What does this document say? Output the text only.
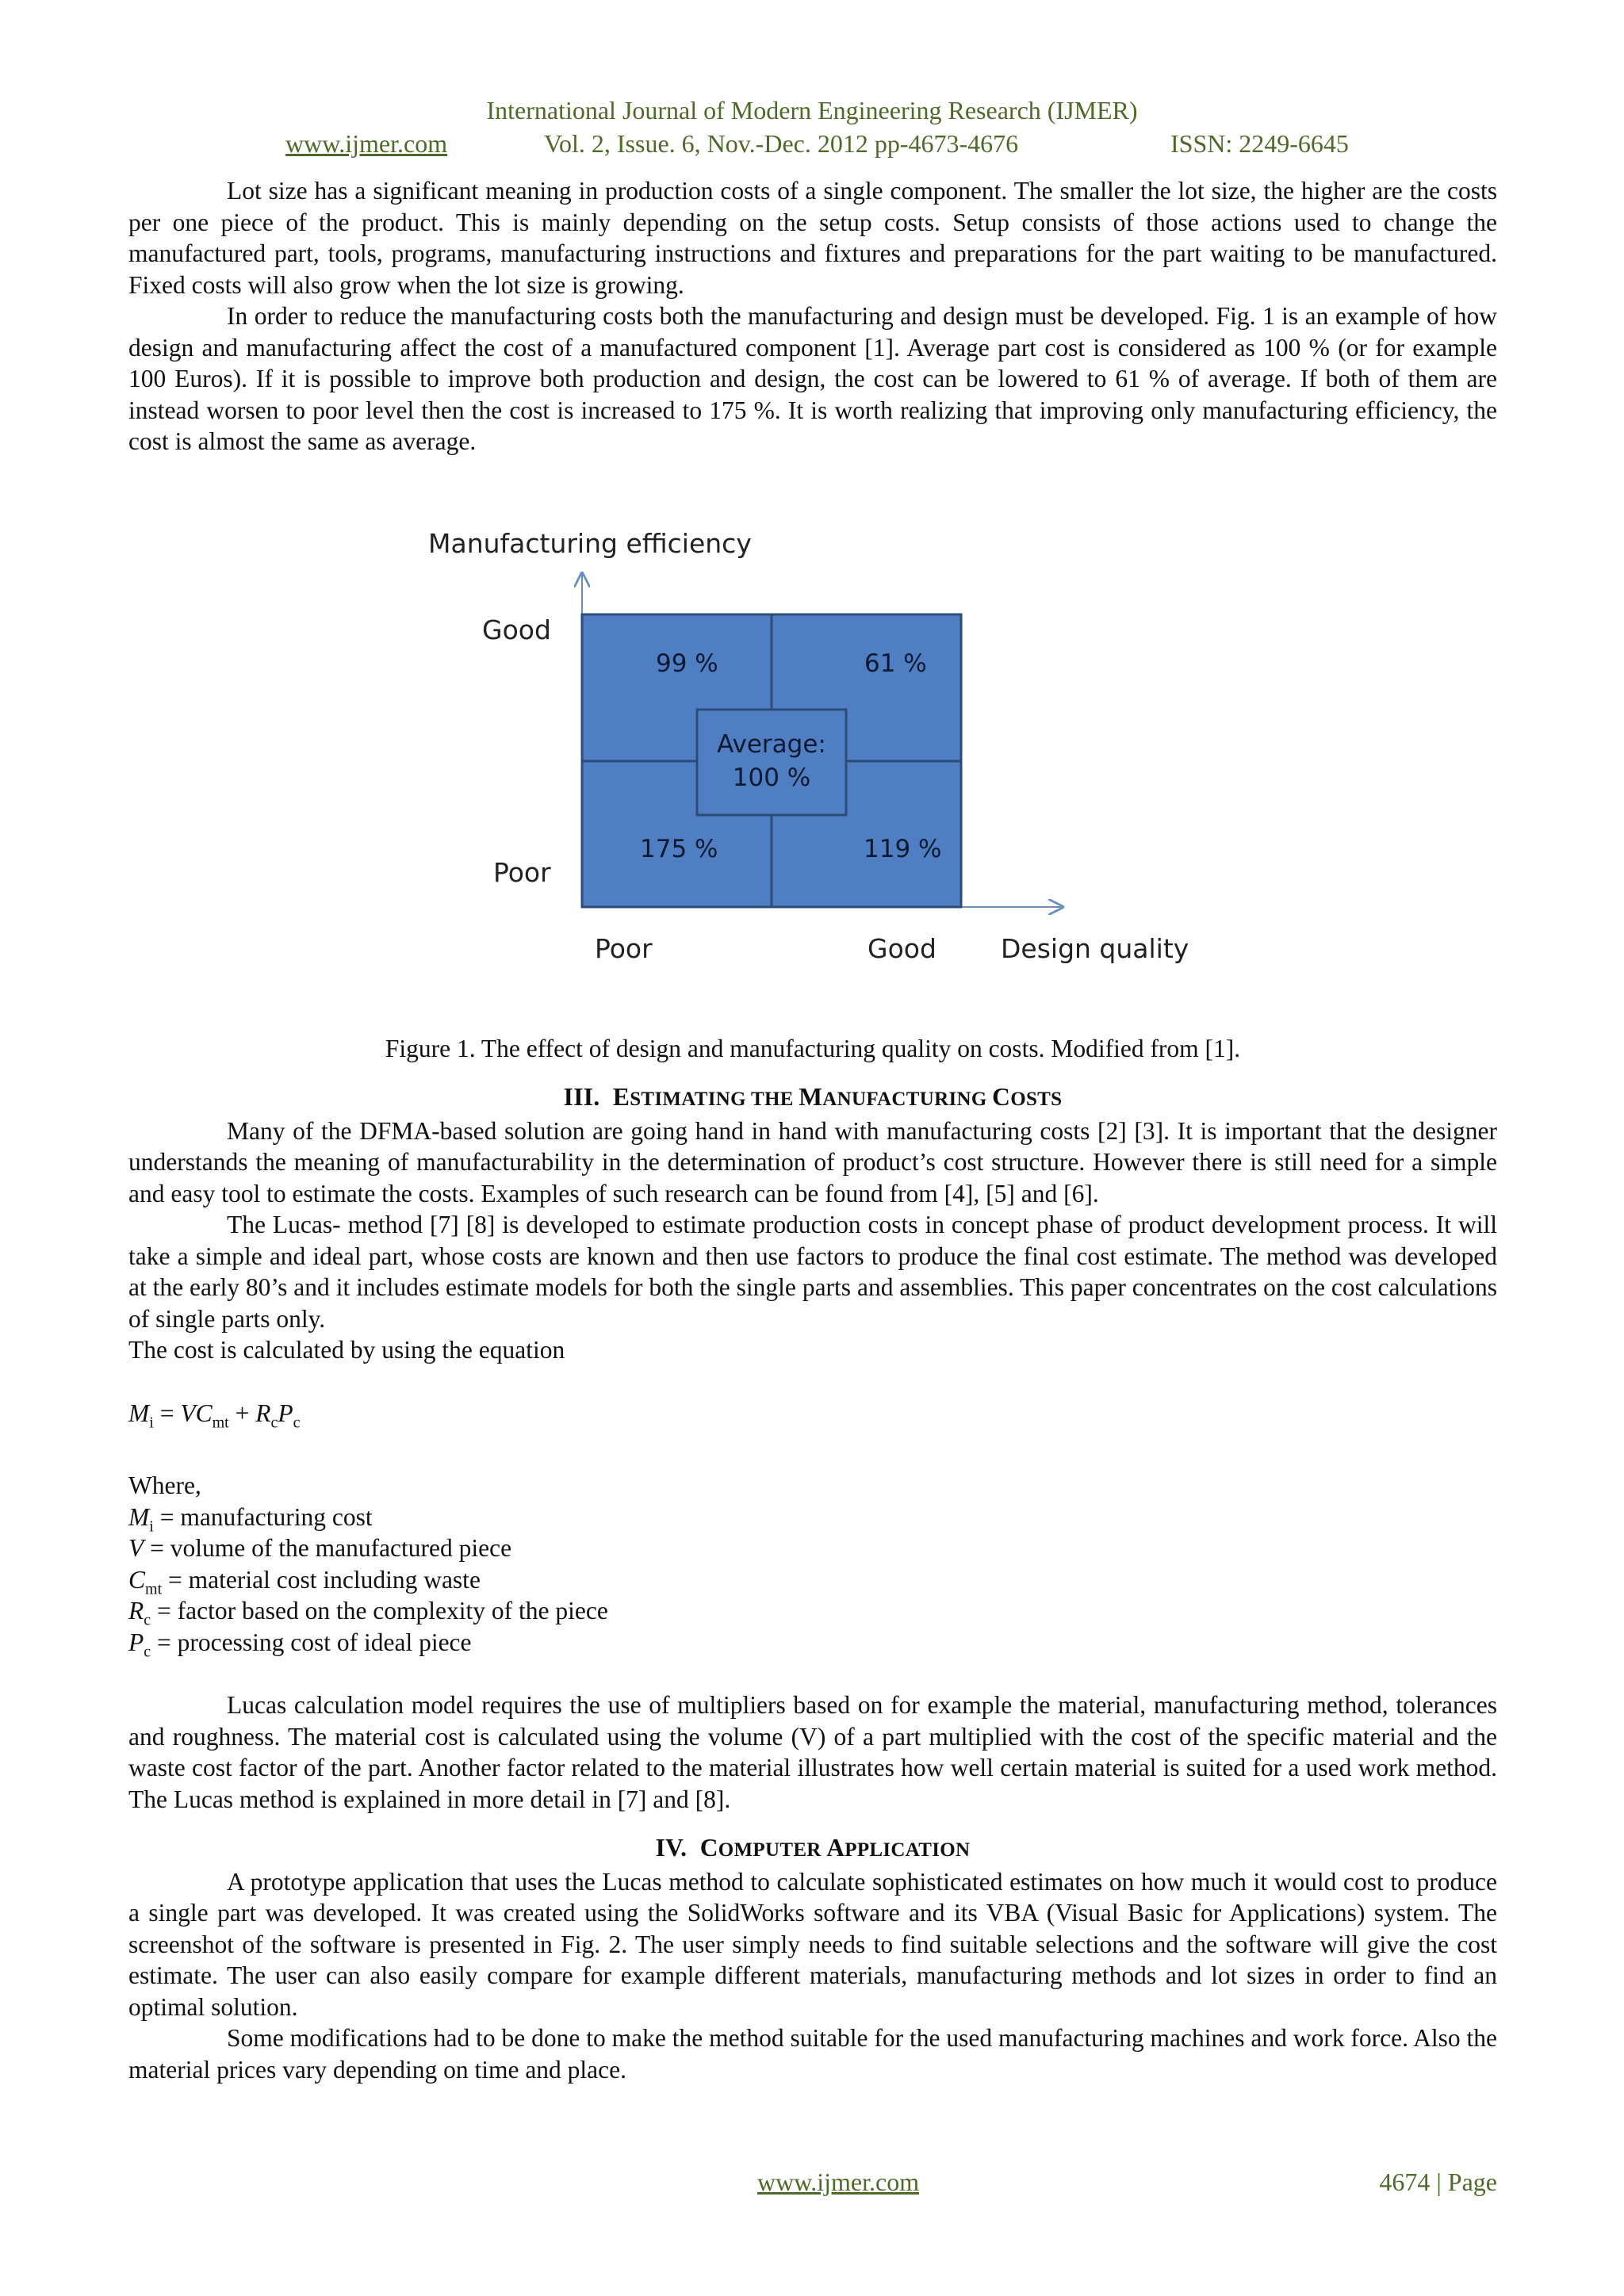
International Journal of Modern Engineering Research (IJMER)
www.ijmer.com	Vol. 2, Issue. 6, Nov.-Dec. 2012 pp-4673-4676	ISSN: 2249-6645

Lot size has a significant meaning in production costs of a single component. The smaller the lot size, the higher are the costs per one piece of the product. This is mainly depending on the setup costs. Setup consists of those actions used to change the manufactured part, tools, programs, manufacturing instructions and fixtures and preparations for the part waiting to be manufactured. Fixed costs will also grow when the lot size is growing.

In order to reduce the manufacturing costs both the manufacturing and design must be developed. Fig. 1 is an example of how design and manufacturing affect the cost of a manufactured component [1]. Average part cost is considered as 100 % (or for example 100 Euros). If it is possible to improve both production and design, the cost can be lowered to 61 % of average. If both of them are instead worsen to poor level then the cost is increased to 175 %. It is worth realizing that improving only manufacturing efficiency, the cost is almost the same as average.

Manufacturing efficiency
99 %	61 %
175 %	119 %
Average:
100 %
Good
Poor
Poor	Good Design quality
Figure 1. The effect of design and manufacturing quality on costs. Modified from [1].
III. ESTIMATING THE MANUFACTURING COSTS

Many of the DFMA-based solution are going hand in hand with manufacturing costs [2] [3]. It is important that the designer understands the meaning of manufacturability in the determination of product’s cost structure. However there is still need for a simple and easy tool to estimate the costs. Examples of such research can be found from [4], [5] and [6].

The Lucas- method [7] [8] is developed to estimate production costs in concept phase of product development process. It will take a simple and ideal part, whose costs are known and then use factors to produce the final cost estimate. The method was developed at the early 80’s and it includes estimate models for both the single parts and assemblies. This paper concentrates on the cost calculations of single parts only.

The cost is calculated by using the equation

$M_i = VC_{mt} + R_cP_c$
Where,
$M_i$ = manufacturing cost
V = volume of the manufactured piece
$C_{mt}$ = material cost including waste
$R_c$ = factor based on the complexity of the piece
$P_c$ = processing cost of ideal piece

Lucas calculation model requires the use of multipliers based on for example the material, manufacturing method, tolerances and roughness. The material cost is calculated using the volume (V) of a part multiplied with the cost of the specific material and the waste cost factor of the part. Another factor related to the material illustrates how well certain material is suited for a used work method. The Lucas method is explained in more detail in [7] and [8].

IV. COMPUTER APPLICATION

A prototype application that uses the Lucas method to calculate sophisticated estimates on how much it would cost to produce a single part was developed. It was created using the SolidWorks software and its VBA (Visual Basic for Applications) system. The screenshot of the software is presented in Fig. 2. The user simply needs to find suitable selections and the software will give the cost estimate. The user can also easily compare for example different materials, manufacturing methods and lot sizes in order to find an optimal solution.

Some modifications had to be done to make the method suitable for the used manufacturing machines and work force. Also the material prices vary depending on time and place.

www.ijmer.com	4674 | Page
